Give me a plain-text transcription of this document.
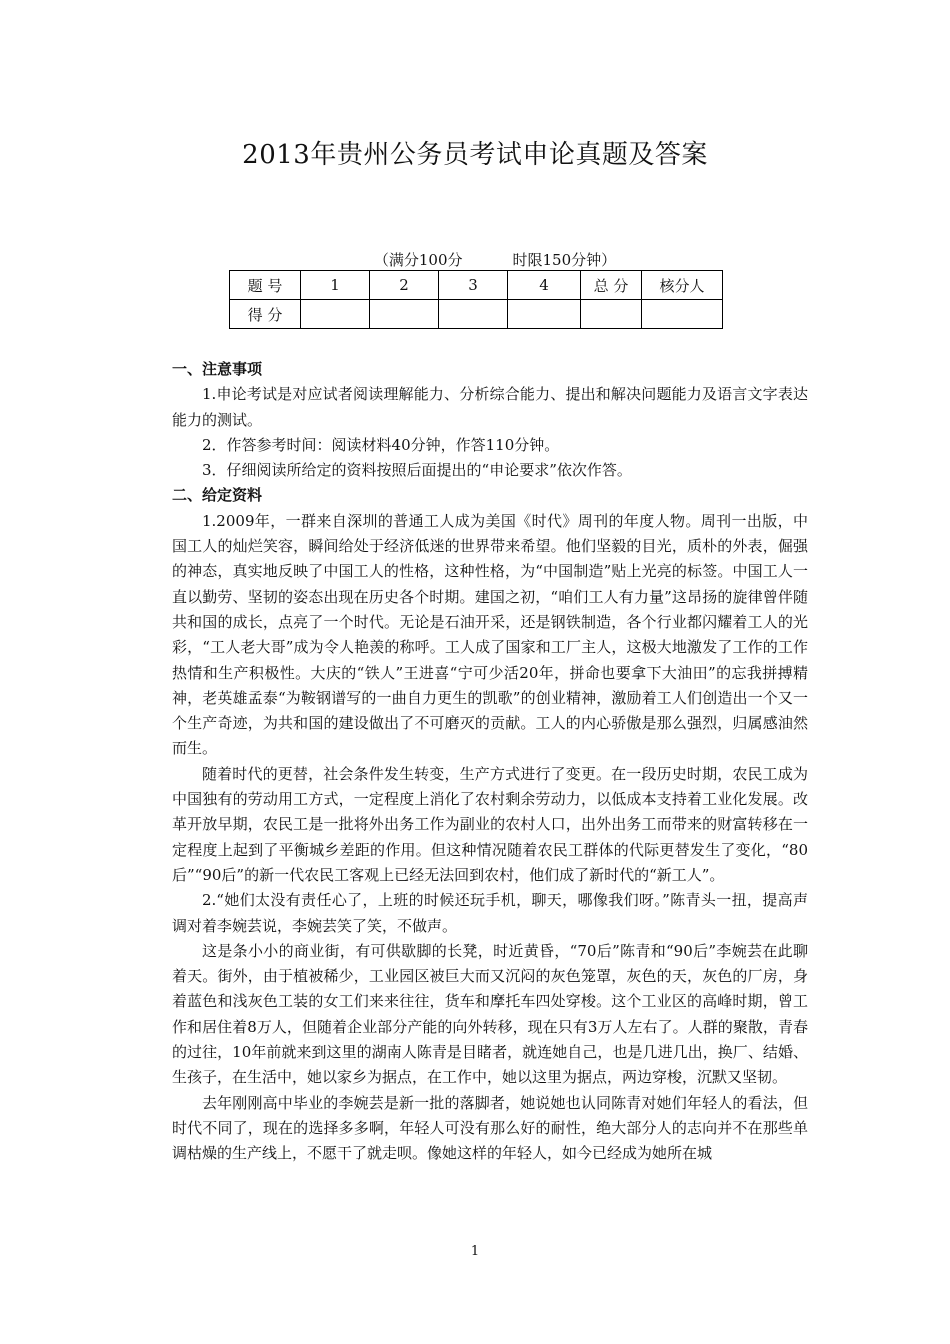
2013年贵州公务员考试申论真题及答案
（满分100分	时限150分钟）
题 号	1	2	3	4	总 分	核分人
得 分						
一、注意事项

1.申论考试是对应试者阅读理解能力、分析综合能力、提出和解决问题能力及语言文字表达能力的测试。

2．作答参考时间：阅读材料40分钟，作答110分钟。

3．仔细阅读所给定的资料按照后面提出的“申论要求”依次作答。

二、给定资料

1.2009年，一群来自深圳的普通工人成为美国《时代》周刊的年度人物。周刊一出版，中国工人的灿烂笑容，瞬间给处于经济低迷的世界带来希望。他们坚毅的目光，质朴的外表，倔强的神态，真实地反映了中国工人的性格，这种性格，为“中国制造”贴上光亮的标签。中国工人一直以勤劳、坚韧的姿态出现在历史各个时期。建国之初，“咱们工人有力量”这昂扬的旋律曾伴随共和国的成长，点亮了一个时代。无论是石油开采，还是钢铁制造，各个行业都闪耀着工人的光彩，“工人老大哥”成为令人艳羡的称呼。工人成了国家和工厂主人，这极大地激发了工作的工作热情和生产积极性。大庆的“铁人”王进喜“宁可少活20年，拼命也要拿下大油田”的忘我拼搏精神，老英雄孟泰“为鞍钢谱写的一曲自力更生的凯歌”的创业精神，激励着工人们创造出一个又一个生产奇迹，为共和国的建设做出了不可磨灭的贡献。工人的内心骄傲是那么强烈，归属感油然而生。

随着时代的更替，社会条件发生转变，生产方式进行了变更。在一段历史时期，农民工成为中国独有的劳动用工方式，一定程度上消化了农村剩余劳动力，以低成本支持着工业化发展。改革开放早期，农民工是一批将外出务工作为副业的农村人口，出外出务工而带来的财富转移在一定程度上起到了平衡城乡差距的作用。但这种情况随着农民工群体的代际更替发生了变化，“80后”“90后”的新一代农民工客观上已经无法回到农村，他们成了新时代的“新工人”。

2.“她们太没有责任心了，上班的时候还玩手机，聊天，哪像我们呀。”陈青头一扭，提高声调对着李婉芸说，李婉芸笑了笑，不做声。

这是条小小的商业街，有可供歇脚的长凳，时近黄昏，“70后”陈青和“90后”李婉芸在此聊着天。街外，由于植被稀少，工业园区被巨大而又沉闷的灰色笼罩，灰色的天，灰色的厂房，身着蓝色和浅灰色工装的女工们来来往往，货车和摩托车四处穿梭。这个工业区的高峰时期，曾工作和居住着8万人，但随着企业部分产能的向外转移，现在只有3万人左右了。人群的聚散，青春的过往，10年前就来到这里的湖南人陈青是目睹者，就连她自己，也是几进几出，换厂、结婚、生孩子，在生活中，她以家乡为据点，在工作中，她以这里为据点，两边穿梭，沉默又坚韧。

去年刚刚高中毕业的李婉芸是新一批的落脚者，她说她也认同陈青对她们年轻人的看法，但时代不同了，现在的选择多多啊，年轻人可没有那么好的耐性，绝大部分人的志向并不在那些单调枯燥的生产线上，不愿干了就走呗。像她这样的年轻人，如今已经成为她所在城

1
